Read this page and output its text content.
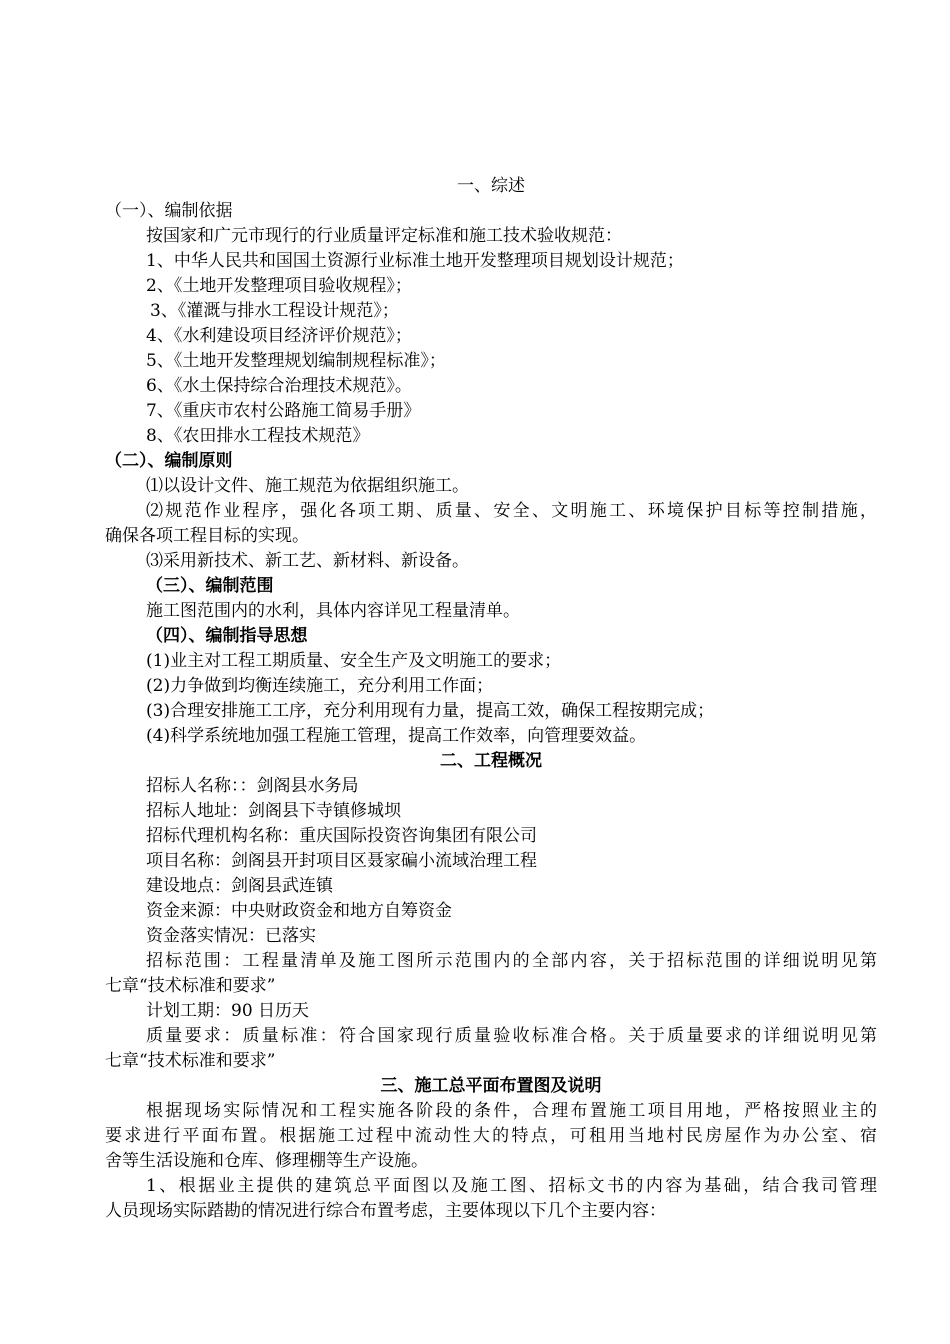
一、综述
（一）、编制依据
按国家和广元市现行的行业质量评定标准和施工技术验收规范：
1、中华人民共和国国土资源行业标准土地开发整理项目规划设计规范；
2、《土地开发整理项目验收规程》；
3、《灌溉与排水工程设计规范》；
4、《水利建设项目经济评价规范》；
5、《土地开发整理规划编制规程标准》；
6、《水土保持综合治理技术规范》。
7、《重庆市农村公路施工简易手册》
8、《农田排水工程技术规范》
（二）、编制原则
⑴以设计文件、施工规范为依据组织施工。
⑵规范作业程序，强化各项工期、质量、安全、文明施工、环境保护目标等控制措施，
确保各项工程目标的实现。
⑶采用新技术、新工艺、新材料、新设备。
（三）、编制范围
施工图范围内的水利，具体内容详见工程量清单。
（四）、编制指导思想
(1)业主对工程工期质量、安全生产及文明施工的要求；
(2)力争做到均衡连续施工，充分利用工作面；
(3)合理安排施工工序，充分利用现有力量，提高工效，确保工程按期完成；
(4)科学系统地加强工程施工管理，提高工作效率，向管理要效益。
二、工程概况
招标人名称：：剑阁县水务局
招标人地址：剑阁县下寺镇修城坝
招标代理机构名称：重庆国际投资咨询集团有限公司
项目名称：剑阁县开封项目区聂家碥小流域治理工程
建设地点：剑阁县武连镇
资金来源：中央财政资金和地方自筹资金
资金落实情况：已落实
招标范围：工程量清单及施工图所示范围内的全部内容，关于招标范围的详细说明见第
七章“技术标准和要求”
计划工期：90 日历天
质量要求：质量标准：符合国家现行质量验收标准合格。关于质量要求的详细说明见第
七章“技术标准和要求”
三、施工总平面布置图及说明
根据现场实际情况和工程实施各阶段的条件，合理布置施工项目用地，严格按照业主的
要求进行平面布置。根据施工过程中流动性大的特点，可租用当地村民房屋作为办公室、宿
舍等生活设施和仓库、修理棚等生产设施。
1、根据业主提供的建筑总平面图以及施工图、招标文书的内容为基础，结合我司管理
人员现场实际踏勘的情况进行综合布置考虑，主要体现以下几个主要内容：
